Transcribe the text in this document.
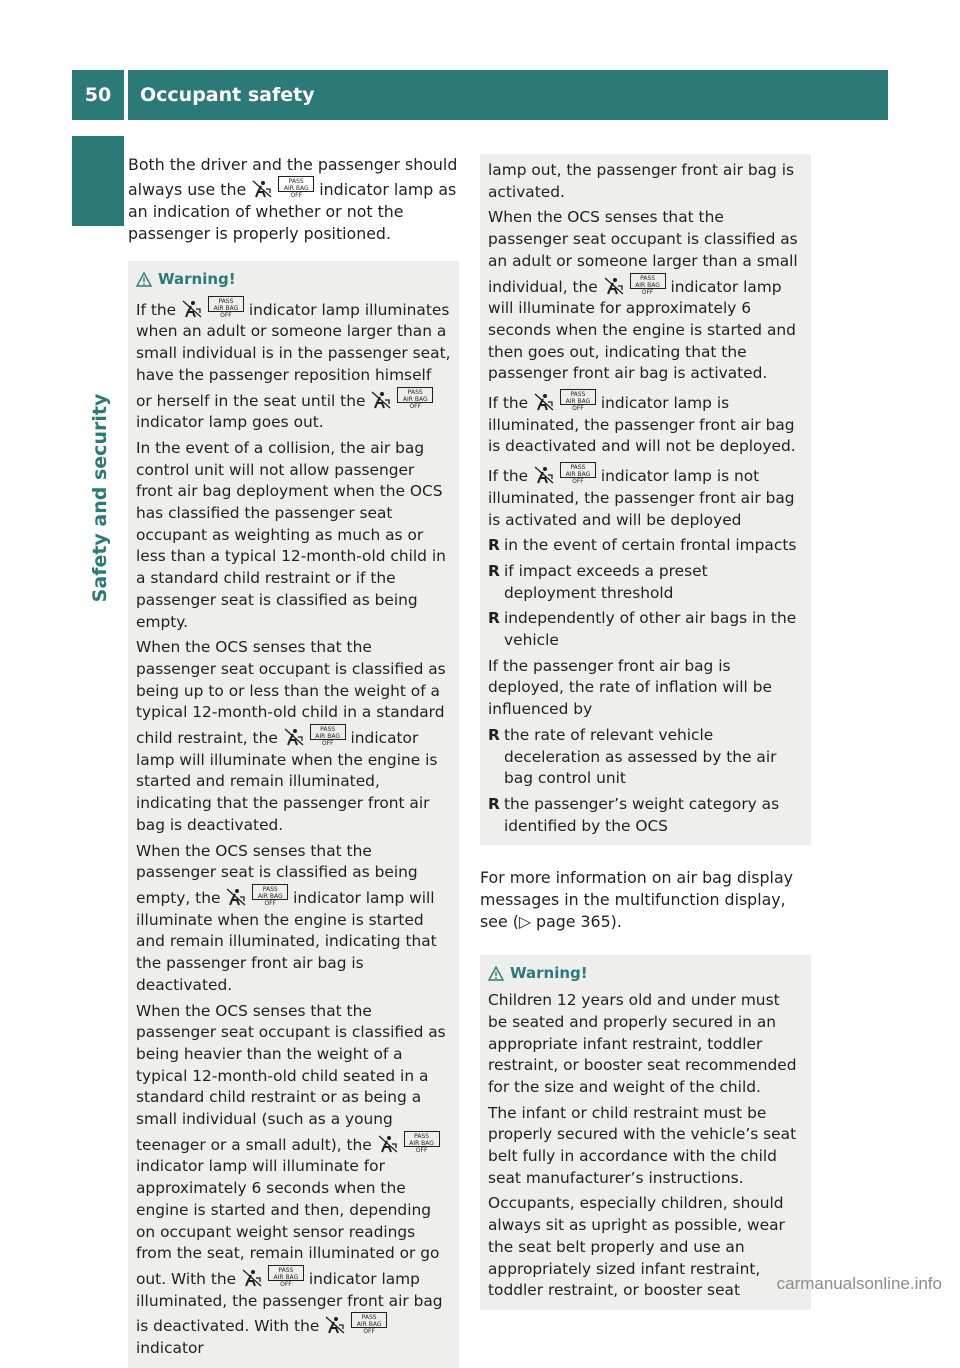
50	Occupant safety
Safety and security

Both the driver and the passenger should always use the	PASS
AIR BAG OFF indicator lamp as an indication of whether or not the passenger is properly positioned.

Warning!

If the	PASS
AIR BAG OFF indicator lamp illuminates when an adult or someone larger than a small individual is in the passenger seat, have the passenger reposition himself or herself in the seat until the	PASS
AIR BAG OFF indicator lamp goes out.

In the event of a collision, the air bag control unit will not allow passenger front air bag deployment when the OCS has classified the passenger seat occupant as weighting as much as or less than a typical 12-month-old child in a standard child restraint or if the passenger seat is classified as being empty.

When the OCS senses that the passenger seat occupant is classified as being up to or less than the weight of a typical 12-month-old child in a standard child restraint, the	PASS
AIR BAG OFF indicator lamp will illuminate when the engine is started and remain illuminated, indicating that the passenger front air bag is deactivated.

When the OCS senses that the passenger seat is classified as being empty, the	PASS
AIR BAG OFF indicator lamp will illuminate when the engine is started and remain illuminated, indicating that the passenger front air bag is deactivated.

When the OCS senses that the passenger seat occupant is classified as being heavier than the weight of a typical 12-month-old child seated in a standard child restraint or as being a small individual (such as a young teenager or a small adult), the	PASS
AIR BAG OFF indicator lamp will illuminate for approximately 6 seconds when the engine is started and then, depending on occupant weight sensor readings from the seat, remain illuminated or go out. With the	PASS
AIR BAG OFF indicator lamp illuminated, the passenger front air bag is deactivated. With the	PASS
AIR BAG OFF indicator

lamp out, the passenger front air bag is activated.

When the OCS senses that the passenger seat occupant is classified as an adult or someone larger than a small individual, the	PASS
AIR BAG OFF indicator lamp will illuminate for approximately 6 seconds when the engine is started and then goes out, indicating that the passenger front air bag is activated.

If the	PASS
AIR BAG OFF indicator lamp is illuminated, the passenger front air bag is deactivated and will not be deployed.

If the	PASS
AIR BAG OFF indicator lamp is not illuminated, the passenger front air bag is activated and will be deployed

R in the event of certain frontal impacts
R if impact exceeds a preset deployment threshold
R independently of other air bags in the vehicle

If the passenger front air bag is deployed, the rate of inflation will be influenced by

R the rate of relevant vehicle deceleration as assessed by the air bag control unit
R the passenger’s weight category as identified by the OCS

For more information on air bag display messages in the multifunction display, see (▷ page 365).

Warning!

Children 12 years old and under must be seated and properly secured in an appropriate infant restraint, toddler restraint, or booster seat recommended for the size and weight of the child.

The infant or child restraint must be properly secured with the vehicle’s seat belt fully in accordance with the child seat manufacturer’s instructions.

Occupants, especially children, should always sit as upright as possible, wear the seat belt properly and use an appropriately sized infant restraint, toddler restraint, or booster seat	carmanualsonline.info
